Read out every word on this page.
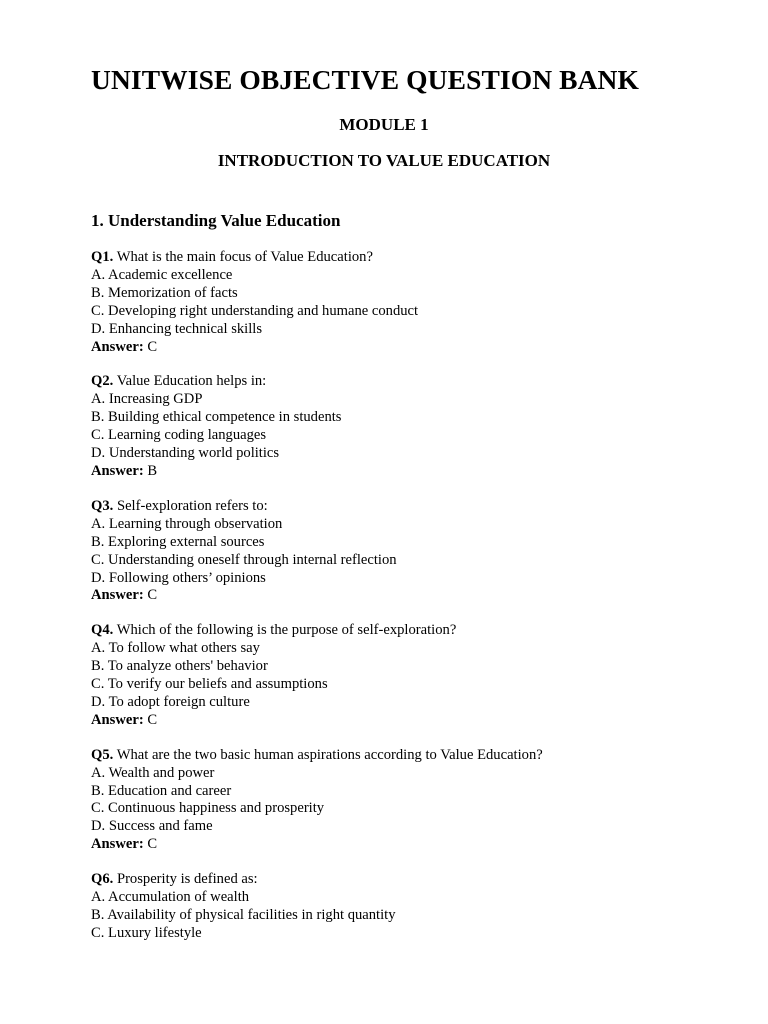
UNITWISE OBJECTIVE QUESTION BANK
MODULE 1
INTRODUCTION TO VALUE EDUCATION
1. Understanding Value Education
Q1. What is the main focus of Value Education?
A. Academic excellence
B. Memorization of facts
C. Developing right understanding and humane conduct
D. Enhancing technical skills
Answer: C
Q2. Value Education helps in:
A. Increasing GDP
B. Building ethical competence in students
C. Learning coding languages
D. Understanding world politics
Answer: B
Q3. Self-exploration refers to:
A. Learning through observation
B. Exploring external sources
C. Understanding oneself through internal reflection
D. Following others’ opinions
Answer: C
Q4. Which of the following is the purpose of self-exploration?
A. To follow what others say
B. To analyze others' behavior
C. To verify our beliefs and assumptions
D. To adopt foreign culture
Answer: C
Q5. What are the two basic human aspirations according to Value Education?
A. Wealth and power
B. Education and career
C. Continuous happiness and prosperity
D. Success and fame
Answer: C
Q6. Prosperity is defined as:
A. Accumulation of wealth
B. Availability of physical facilities in right quantity
C. Luxury lifestyle
